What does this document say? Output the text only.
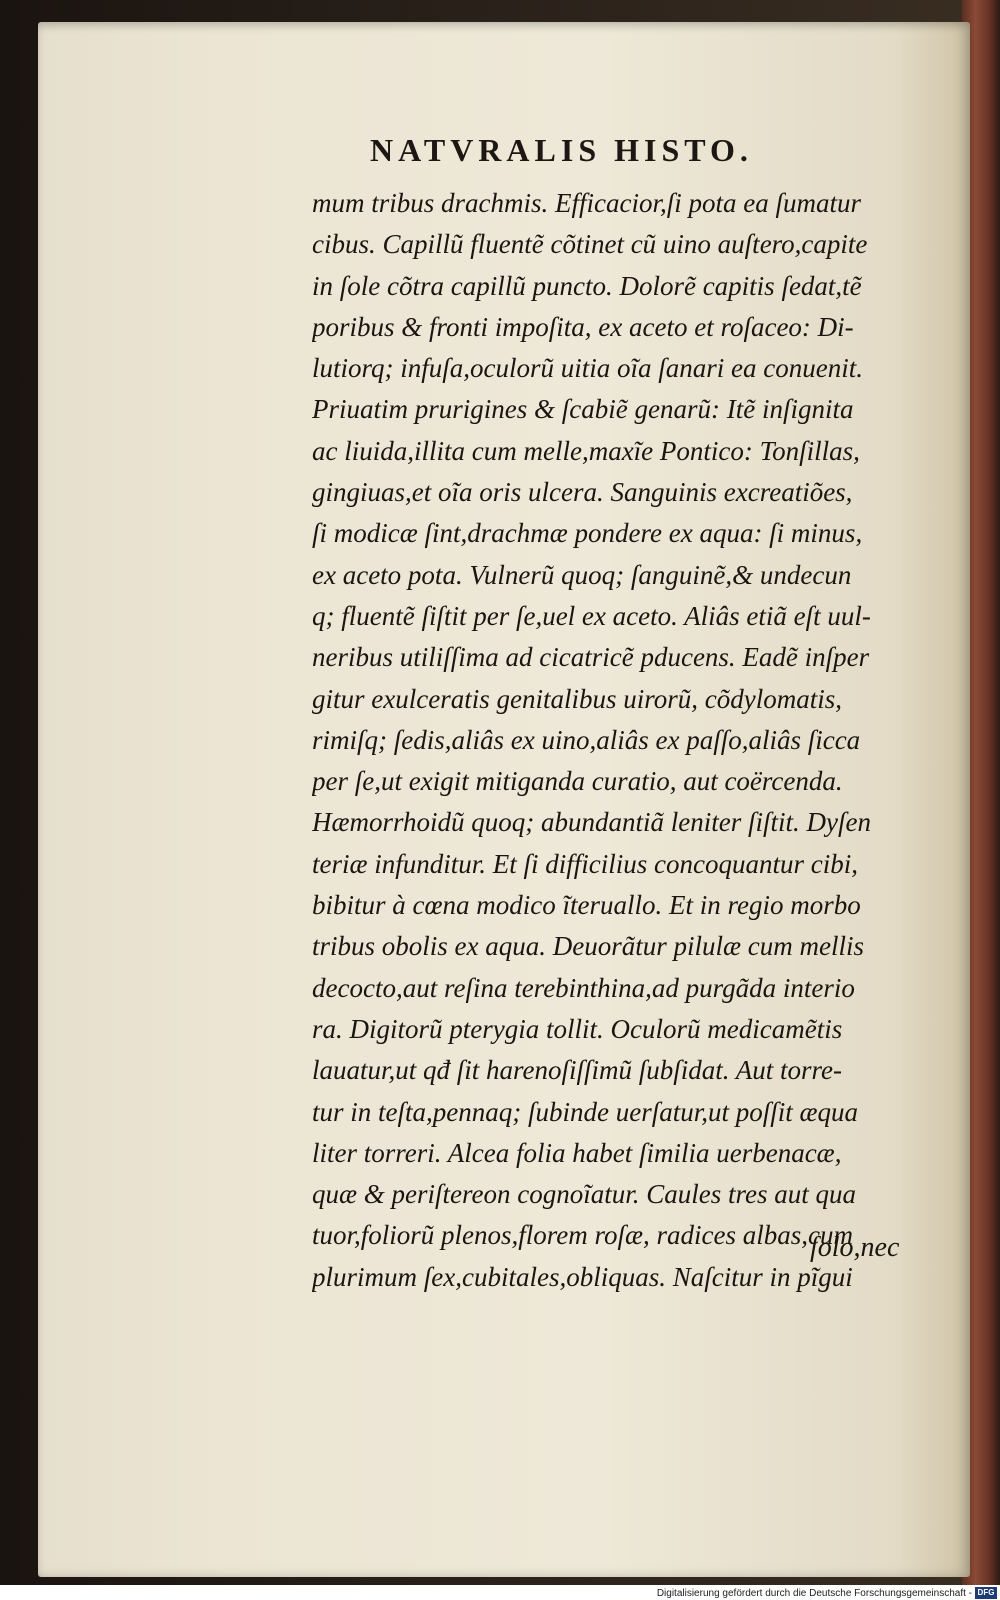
NATVRALIS HISTO.
mum tribus drachmis. Efficacior,ſi pota ea ſumatur
cibus. Capillũ fluentẽ cõtinet cũ uino auſtero,capite
in ſole cõtra capillũ puncto. Dolorẽ capitis ſedat,tẽ
poribus & fronti impoſita, ex aceto et roſaceo: Di-
lutiorq; infuſa,oculorũ uitia oĩa ſanari ea conuenit.
Priuatim prurigines & ſcabiẽ genarũ: Itẽ inſignita
ac liuida,illita cum melle,maxĩe Pontico: Tonſillas,
gingiuas,et oĩa oris ulcera. Sanguinis excreatiões,
ſi modicæ ſint,drachmæ pondere ex aqua: ſi minus,
ex aceto pota. Vulnerũ quoq; ſanguinẽ,& undecun
q; fluentẽ ſiſtit per ſe,uel ex aceto. Aliâs etiã eſt uul-
neribus utiliſſima ad cicatricẽ pducens. Eadẽ inſper
gitur exulceratis genitalibus uirorũ, cõdylomatis,
rimiſq; ſedis,aliâs ex uino,aliâs ex paſſo,aliâs ſicca
per ſe,ut exigit mitiganda curatio, aut coërcenda.
Hæmorrhoidũ quoq; abundantiã leniter ſiſtit. Dyſen
teriæ infunditur. Et ſi difficilius concoquantur cibi,
bibitur à cœna modico ĩteruallo. Et in regio morbo
tribus obolis ex aqua. Deuorãtur pilulæ cum mellis
decocto,aut reſina terebinthina,ad purgãda interio
ra. Digitorũ pterygia tollit. Oculorũ medicamẽtis
lauatur,ut qđ ſit harenoſiſſimũ ſubſidat. Aut torre-
tur in teſta,pennaq; ſubinde uerſatur,ut poſſit æqua
liter torreri. Alcea folia habet ſimilia uerbenacæ,
quæ & periſtereon cognoĩatur. Caules tres aut qua
tuor,foliorũ plenos,florem roſæ, radices albas,cum
plurimum ſex,cubitales,obliquas. Naſcitur in pĩgui
ſolo,nec
Digitalisierung gefördert durch die Deutsche Forschungsgemeinschaft - DFG
